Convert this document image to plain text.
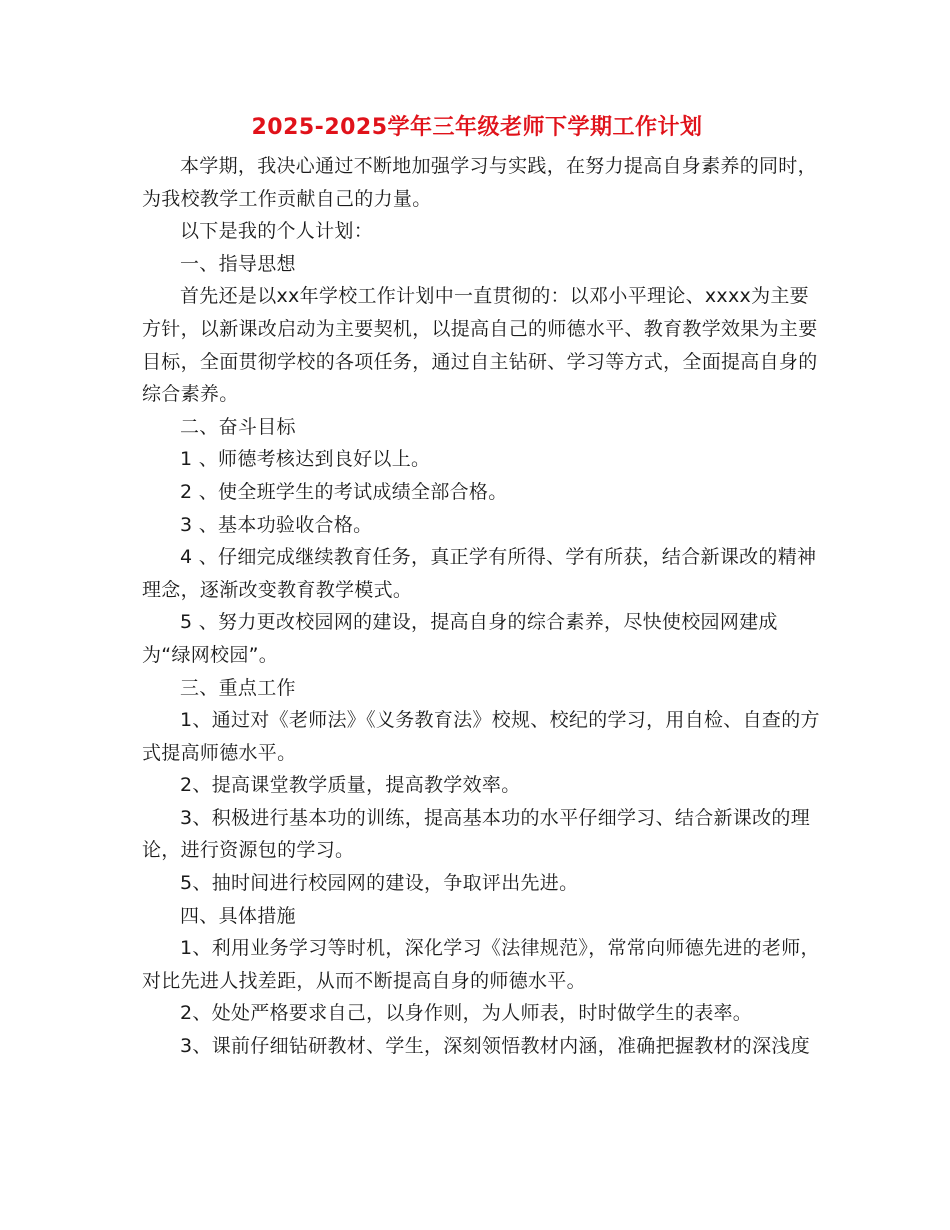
2025-2025学年三年级老师下学期工作计划

本学期，我决心通过不断地加强学习与实践，在努力提高自身素养的同时，为我校教学工作贡献自己的力量。

以下是我的个人计划：

一、指导思想

首先还是以xx年学校工作计划中一直贯彻的：以邓小平理论、xxxx为主要方针，以新课改启动为主要契机，以提高自己的师德水平、教育教学效果为主要目标，全面贯彻学校的各项任务，通过自主钻研、学习等方式，全面提高自身的综合素养。

二、奋斗目标

1 、师德考核达到良好以上。

2 、使全班学生的考试成绩全部合格。

3 、基本功验收合格。

4 、仔细完成继续教育任务，真正学有所得、学有所获，结合新课改的精神理念，逐渐改变教育教学模式。

5 、努力更改校园网的建设，提高自身的综合素养，尽快使校园网建成为“绿网校园”。

三、重点工作

1、通过对《老师法》《义务教育法》校规、校纪的学习，用自检、自查的方式提高师德水平。

2、提高课堂教学质量，提高教学效率。

3、积极进行基本功的训练，提高基本功的水平仔细学习、结合新课改的理论，进行资源包的学习。

5、抽时间进行校园网的建设，争取评出先进。

四、具体措施

1、利用业务学习等时机，深化学习《法律规范》，常常向师德先进的老师，对比先进人找差距，从而不断提高自身的师德水平。

2、处处严格要求自己，以身作则，为人师表，时时做学生的表率。

3、课前仔细钻研教材、学生，深刻领悟教材内涵，准确把握教材的深浅度
